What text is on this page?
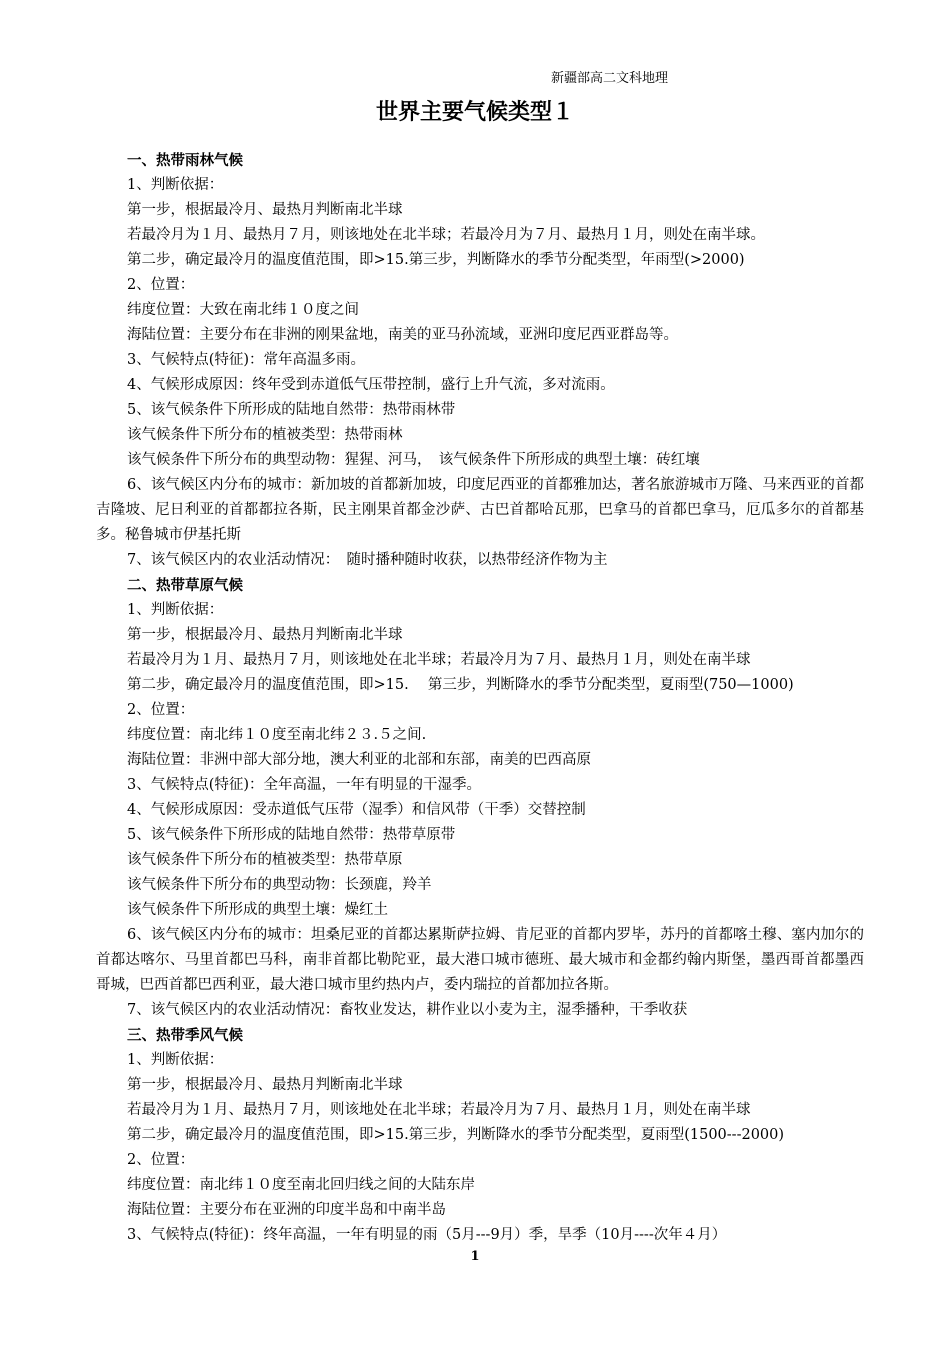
新疆部高二文科地理
世界主要气候类型１
一、热带雨林气候
1、判断依据：
第一步，根据最冷月、最热月判断南北半球
若最冷月为１月、最热月７月，则该地处在北半球；若最冷月为７月、最热月１月，则处在南半球。
第二步，确定最冷月的温度值范围，即>15.第三步，判断降水的季节分配类型，年雨型(>2000)
2、位置：
纬度位置：大致在南北纬１０度之间
海陆位置：主要分布在非洲的刚果盆地，南美的亚马孙流域，亚洲印度尼西亚群岛等。
3、气候特点(特征)：常年高温多雨。
4、气候形成原因：终年受到赤道低气压带控制，盛行上升气流，多对流雨。
5、该气候条件下所形成的陆地自然带：热带雨林带
该气候条件下所分布的植被类型：热带雨林
该气候条件下所分布的典型动物：猩猩、河马，　该气候条件下所形成的典型土壤：砖红壤
6、该气候区内分布的城市：新加坡的首都新加坡，印度尼西亚的首都雅加达，著名旅游城市万隆、马来西亚的首都吉隆坡、尼日利亚的首都都拉各斯，民主刚果首都金沙萨、古巴首都哈瓦那，巴拿马的首都巴拿马，厄瓜多尔的首都基多。秘鲁城市伊基托斯
7、该气候区内的农业活动情况：　随时播种随时收获，以热带经济作物为主
二、热带草原气候
1、判断依据：
第一步，根据最冷月、最热月判断南北半球
若最冷月为１月、最热月７月，则该地处在北半球；若最冷月为７月、最热月１月，则处在南半球
第二步，确定最冷月的温度值范围，即>15.　 第三步，判断降水的季节分配类型，夏雨型(750—1000)
2、位置：
纬度位置：南北纬１０度至南北纬２３.５之间.
海陆位置：非洲中部大部分地，澳大利亚的北部和东部，南美的巴西高原
3、气候特点(特征)：全年高温，一年有明显的干湿季。
4、气候形成原因：受赤道低气压带（湿季）和信风带（干季）交替控制
5、该气候条件下所形成的陆地自然带：热带草原带
该气候条件下所分布的植被类型：热带草原
该气候条件下所分布的典型动物：长颈鹿，羚羊
该气候条件下所形成的典型土壤：燥红土
6、该气候区内分布的城市：坦桑尼亚的首都达累斯萨拉姆、肯尼亚的首都内罗毕，苏丹的首都喀土穆、塞内加尔的首都达喀尔、马里首都巴马科，南非首都比勒陀亚，最大港口城市德班、最大城市和金都约翰内斯堡，墨西哥首都墨西哥城，巴西首都巴西利亚，最大港口城市里约热内卢，委内瑞拉的首都加拉各斯。
7、该气候区内的农业活动情况：畜牧业发达，耕作业以小麦为主，湿季播种，干季收获
三、热带季风气候
1、判断依据：
第一步，根据最冷月、最热月判断南北半球
若最冷月为１月、最热月７月，则该地处在北半球；若最冷月为７月、最热月１月，则处在南半球
第二步，确定最冷月的温度值范围，即>15.第三步，判断降水的季节分配类型，夏雨型(1500---2000)
2、位置：
纬度位置：南北纬１０度至南北回归线之间的大陆东岸
海陆位置：主要分布在亚洲的印度半岛和中南半岛
3、气候特点(特征)：终年高温，一年有明显的雨（5月---9月）季，旱季（10月----次年４月）
1
